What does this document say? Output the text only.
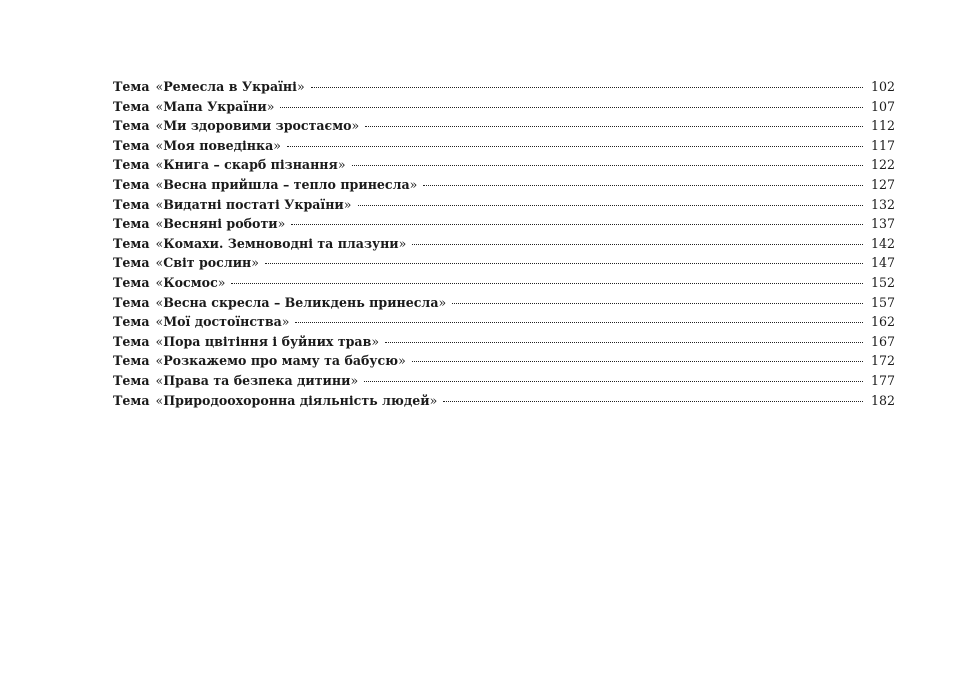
Тема «Ремесла в Україні»	102
Тема «Мапа України»	107
Тема «Ми здоровими зростаємо»	112
Тема «Моя поведінка»	117
Тема «Книга – скарб пізнання»	122
Тема «Весна прийшла – тепло принесла»	127
Тема «Видатні постаті України»	132
Тема «Весняні роботи»	137
Тема «Комахи. Земноводні та плазуни»	142
Тема «Світ рослин»	147
Тема «Космос»	152
Тема «Весна скресла – Великдень принесла»	157
Тема «Мої достоїнства»	162
Тема «Пора цвітіння і буйних трав»	167
Тема «Розкажемо про маму та бабусю»	172
Тема «Права та безпека дитини»	177
Тема «Природоохоронна діяльність людей»	182
